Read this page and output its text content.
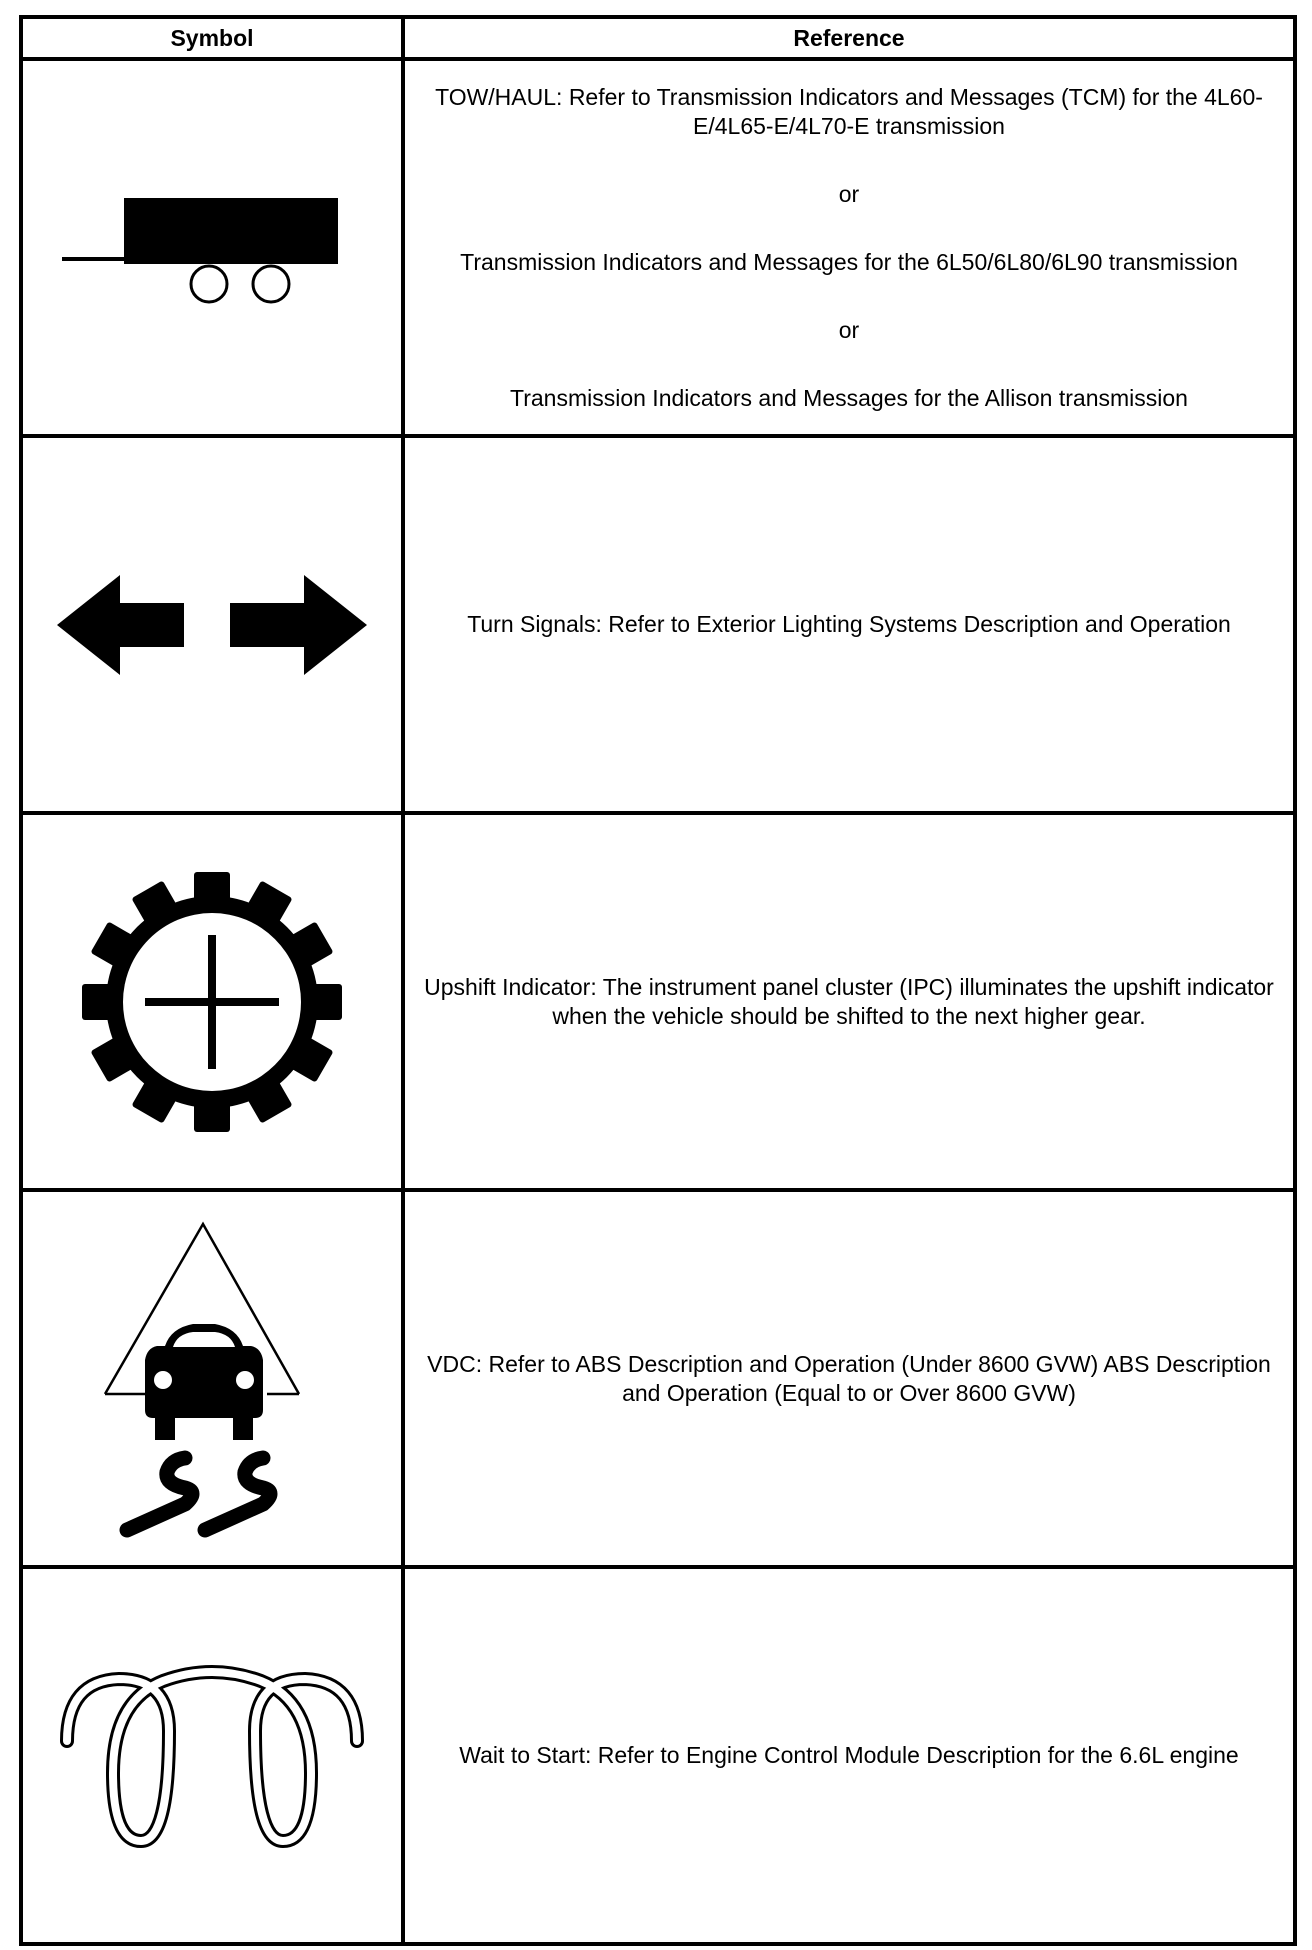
Symbol	Reference

TOW/HAUL: Refer to Transmission Indicators and Messages (TCM) for the 4L60-E/4L65-E/4L70-E transmission

or

Transmission Indicators and Messages for the 6L50/6L80/6L90 transmission

or

Transmission Indicators and Messages for the Allison transmission

Turn Signals: Refer to Exterior Lighting Systems Description and Operation

Upshift Indicator: The instrument panel cluster (IPC) illuminates the upshift indicator when the vehicle should be shifted to the next higher gear.

VDC: Refer to ABS Description and Operation (Under 8600 GVW) ABS Description and Operation (Equal to or Over 8600 GVW)

Wait to Start: Refer to Engine Control Module Description for the 6.6L engine
